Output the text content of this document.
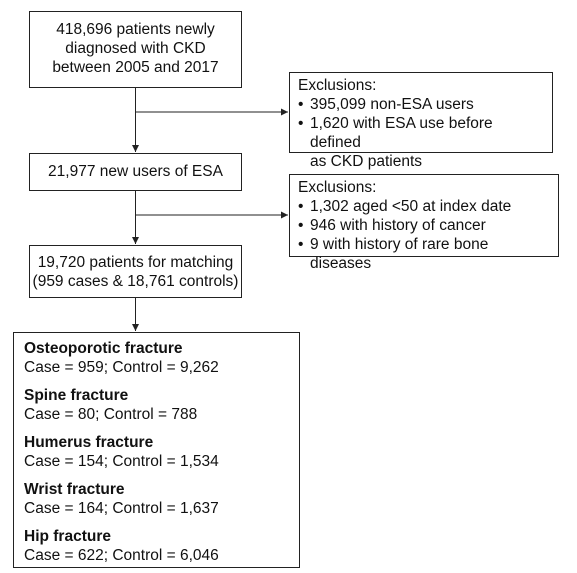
418,696 patients newly
diagnosed with CKD
between 2005 and 2017
Exclusions:
• 395,099 non-ESA users
• 1,620 with ESA use before defined
as CKD patients
21,977 new users of ESA
Exclusions:
• 1,302 aged <50 at index date
• 946 with history of cancer
• 9 with history of rare bone diseases
19,720 patients for matching
(959 cases & 18,761 controls)
Osteoporotic fracture
Case = 959; Control = 9,262
Spine fracture
Case = 80; Control = 788
Humerus fracture
Case = 154; Control = 1,534
Wrist fracture
Case = 164; Control = 1,637
Hip fracture
Case = 622; Control = 6,046
